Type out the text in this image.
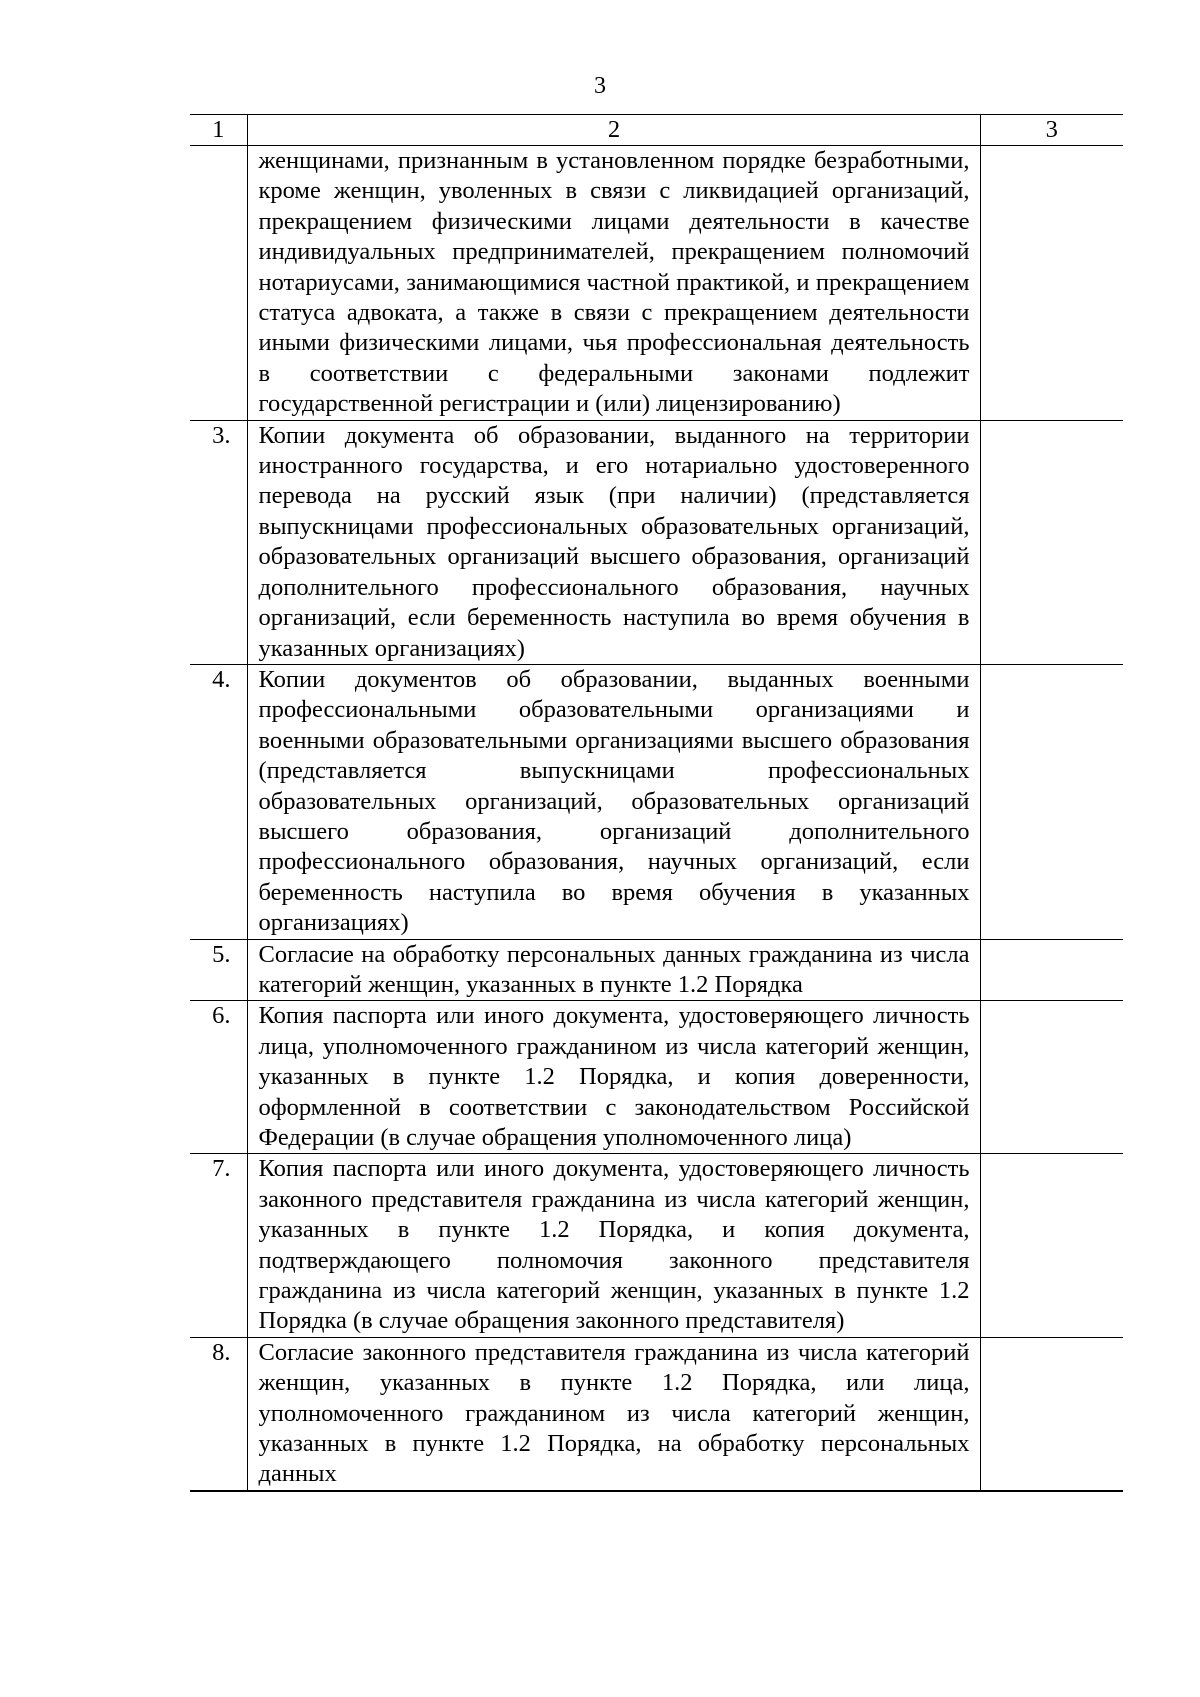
3
1	2	3
	женщинами, признанным в установленном порядке безработными, кроме женщин, уволенных в связи с ликвидацией организаций, прекращением физическими лицами деятельности в качестве индивидуальных предпринимателей, прекращением полномочий нотариусами, занимающимися частной практикой, и прекращением статуса адвоката, а также в связи с прекращением деятельности иными физическими лицами, чья профессиональная деятельность в соответствии с федеральными законами подлежит государственной регистрации и (или) лицензированию)	
3.	Копии документа об образовании, выданного на территории иностранного государства, и его нотариально удостоверенного перевода на русский язык (при наличии) (представляется выпускницами профессиональных образовательных организаций, образовательных организаций высшего образования, организаций дополнительного профессионального образования, научных организаций, если беременность наступила во время обучения в указанных организациях)	
4.	Копии документов об образовании, выданных военными профессиональными образовательными организациями и военными образовательными организациями высшего образования (представляется выпускницами профессиональных образовательных организаций, образовательных организаций высшего образования, организаций дополнительного профессионального образования, научных организаций, если беременность наступила во время обучения в указанных организациях)	
5.	Согласие на обработку персональных данных гражданина из числа категорий женщин, указанных в пункте 1.2 Порядка	
6.	Копия паспорта или иного документа, удостоверяющего личность лица, уполномоченного гражданином из числа категорий женщин, указанных в пункте 1.2 Порядка, и копия доверенности, оформленной в соответствии с законодательством Российской Федерации (в случае обращения уполномоченного лица)	
7.	Копия паспорта или иного документа, удостоверяющего личность законного представителя гражданина из числа категорий женщин, указанных в пункте 1.2 Порядка, и копия документа, подтверждающего полномочия законного представителя гражданина из числа категорий женщин, указанных в пункте 1.2 Порядка (в случае обращения законного представителя)	
8.	Согласие законного представителя гражданина из числа категорий женщин, указанных в пункте 1.2 Порядка, или лица, уполномоченного гражданином из числа категорий женщин, указанных в пункте 1.2 Порядка, на обработку персональных данных	
